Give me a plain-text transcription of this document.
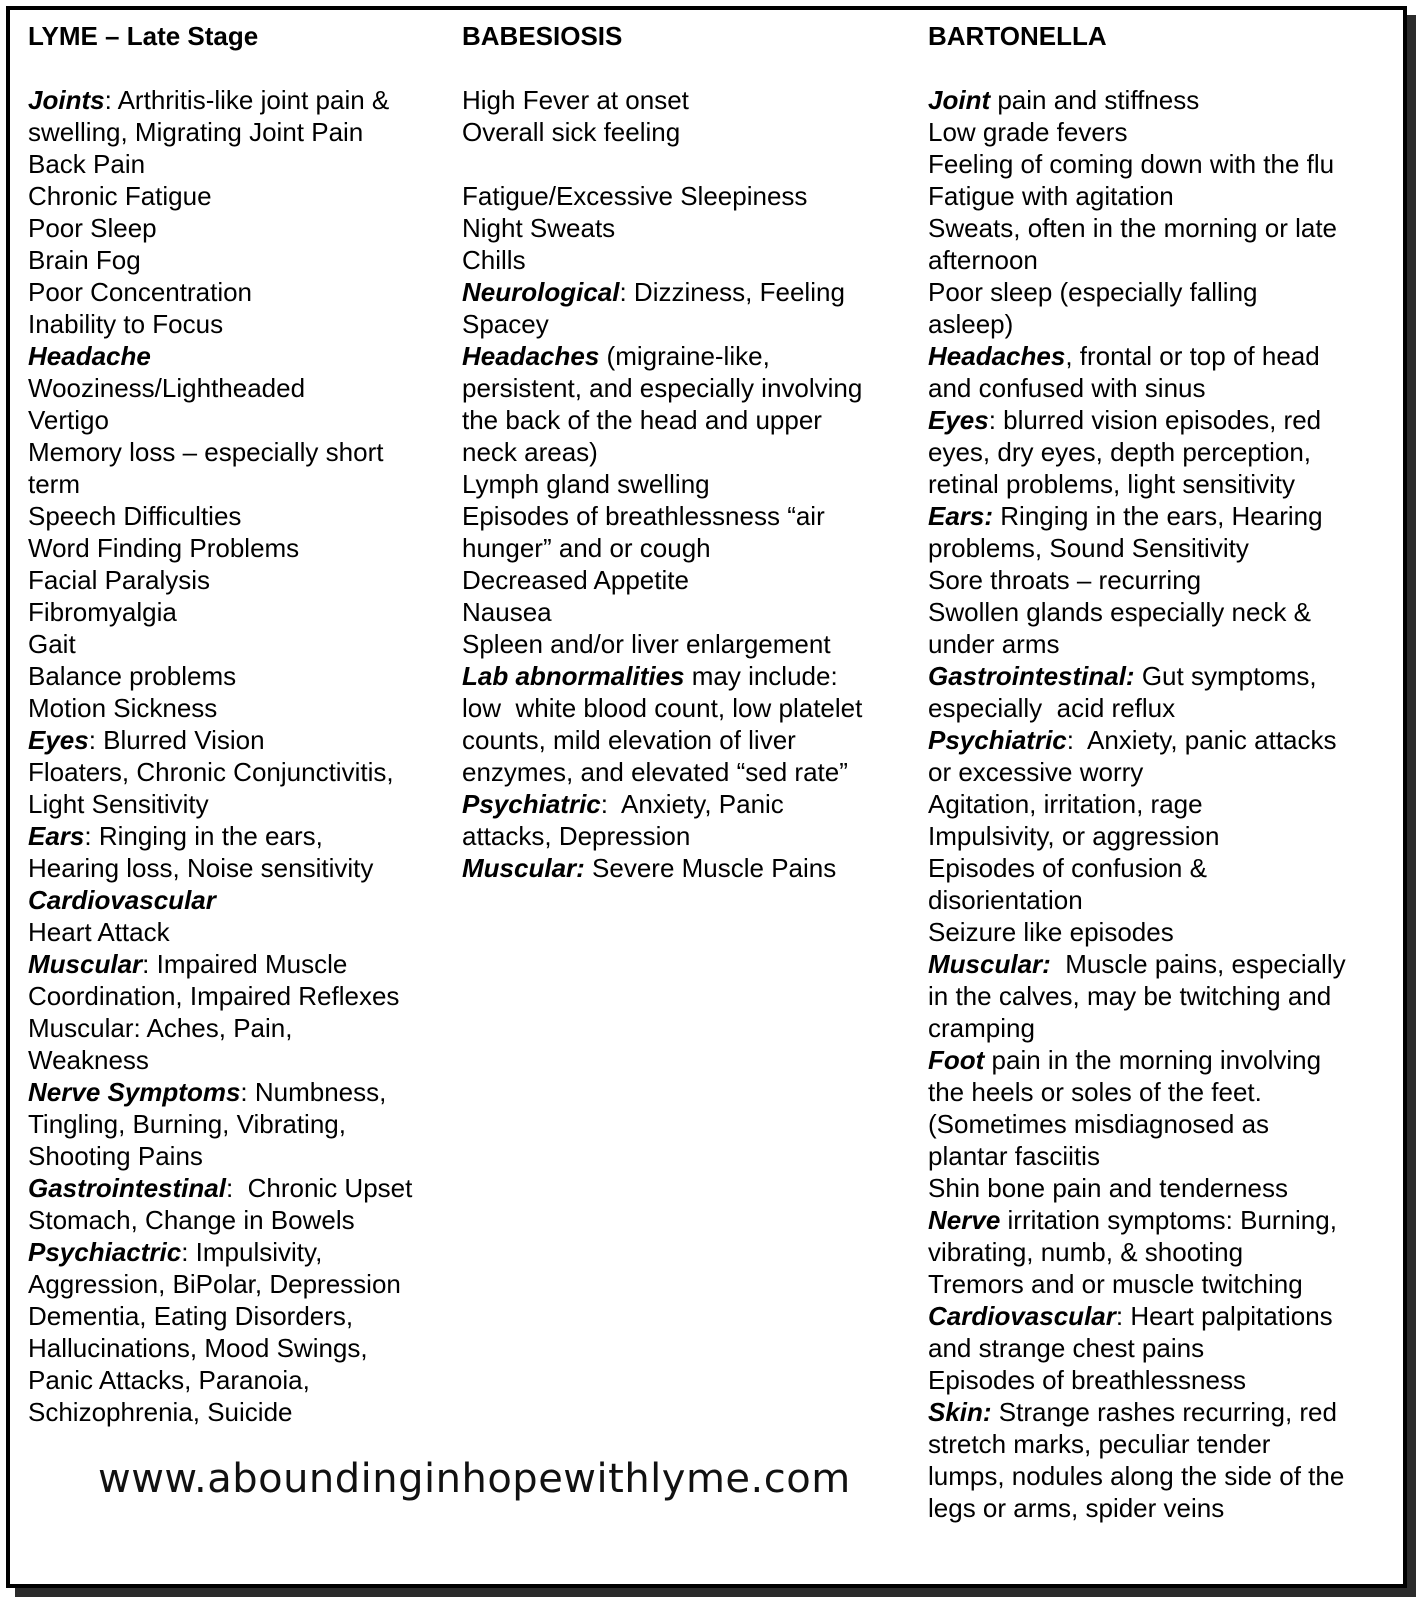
LYME – Late Stage
Joints: Arthritis-like joint pain &
swelling, Migrating Joint Pain
Back Pain
Chronic Fatigue
Poor Sleep
Brain Fog
Poor Concentration
Inability to Focus
Headache
Wooziness/Lightheaded
Vertigo
Memory loss – especially short
term
Speech Difficulties
Word Finding Problems
Facial Paralysis
Fibromyalgia
Gait
Balance problems
Motion Sickness
Eyes: Blurred Vision
Floaters, Chronic Conjunctivitis,
Light Sensitivity
Ears: Ringing in the ears,
Hearing loss, Noise sensitivity
Cardiovascular
Heart Attack
Muscular: Impaired Muscle
Coordination, Impaired Reflexes
Muscular: Aches, Pain,
Weakness
Nerve Symptoms: Numbness,
Tingling, Burning, Vibrating,
Shooting Pains
Gastrointestinal:  Chronic Upset
Stomach, Change in Bowels
Psychiactric: Impulsivity,
Aggression, BiPolar, Depression
Dementia, Eating Disorders,
Hallucinations, Mood Swings,
Panic Attacks, Paranoia,
Schizophrenia, Suicide
BABESIOSIS
High Fever at onset
Overall sick feeling

Fatigue/Excessive Sleepiness
Night Sweats
Chills
Neurological: Dizziness, Feeling
Spacey
Headaches (migraine-like,
persistent, and especially involving
the back of the head and upper
neck areas)
Lymph gland swelling
Episodes of breathlessness “air
hunger” and or cough
Decreased Appetite
Nausea
Spleen and/or liver enlargement
Lab abnormalities may include:
low  white blood count, low platelet
counts, mild elevation of liver
enzymes, and elevated “sed rate”
Psychiatric:  Anxiety, Panic
attacks, Depression
Muscular: Severe Muscle Pains
BARTONELLA
Joint pain and stiffness
Low grade fevers
Feeling of coming down with the flu
Fatigue with agitation
Sweats, often in the morning or late
afternoon
Poor sleep (especially falling
asleep)
Headaches, frontal or top of head
and confused with sinus
Eyes: blurred vision episodes, red
eyes, dry eyes, depth perception,
retinal problems, light sensitivity
Ears: Ringing in the ears, Hearing
problems, Sound Sensitivity
Sore throats – recurring
Swollen glands especially neck &
under arms
Gastrointestinal: Gut symptoms,
especially  acid reflux
Psychiatric:  Anxiety, panic attacks
or excessive worry
Agitation, irritation, rage
Impulsivity, or aggression
Episodes of confusion &
disorientation
Seizure like episodes
Muscular:  Muscle pains, especially
in the calves, may be twitching and
cramping
Foot pain in the morning involving
the heels or soles of the feet.
(Sometimes misdiagnosed as
plantar fasciitis
Shin bone pain and tenderness
Nerve irritation symptoms: Burning,
vibrating, numb, & shooting
Tremors and or muscle twitching
Cardiovascular: Heart palpitations
and strange chest pains
Episodes of breathlessness
Skin: Strange rashes recurring, red
stretch marks, peculiar tender
lumps, nodules along the side of the
legs or arms, spider veins
www.aboundinginhopewithlyme.com
